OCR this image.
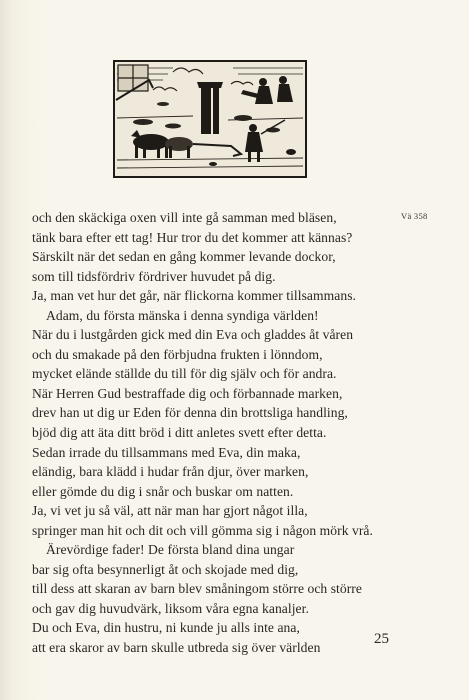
Vä 358
och den skäckiga oxen vill inte gå samman med bläsen,
tänk bara efter ett tag! Hur tror du det kommer att kännas?
Särskilt när det sedan en gång kommer levande dockor,
som till tidsfördriv fördriver huvudet på dig.
Ja, man vet hur det går, när flickorna kommer tillsammans.
Adam, du första mänska i denna syndiga världen!
När du i lustgården gick med din Eva och gladdes åt våren
och du smakade på den förbjudna frukten i lönndom,
mycket elände ställde du till för dig själv och för andra.
När Herren Gud bestraffade dig och förbannade marken,
drev han ut dig ur Eden för denna din brottsliga handling,
bjöd dig att äta ditt bröd i ditt anletes svett efter detta.
Sedan irrade du tillsammans med Eva, din maka,
eländig, bara klädd i hudar från djur, över marken,
eller gömde du dig i snår och buskar om natten.
Ja, vi vet ju så väl, att när man har gjort något illa,
springer man hit och dit och vill gömma sig i någon mörk vrå.
Ärevördige fader! De första bland dina ungar
bar sig ofta besynnerligt åt och skojade med dig,
till dess att skaran av barn blev småningom större och större
och gav dig huvudvärk, liksom våra egna kanaljer.
Du och Eva, din hustru, ni kunde ju alls inte ana,
att era skaror av barn skulle utbreda sig över världen
25
